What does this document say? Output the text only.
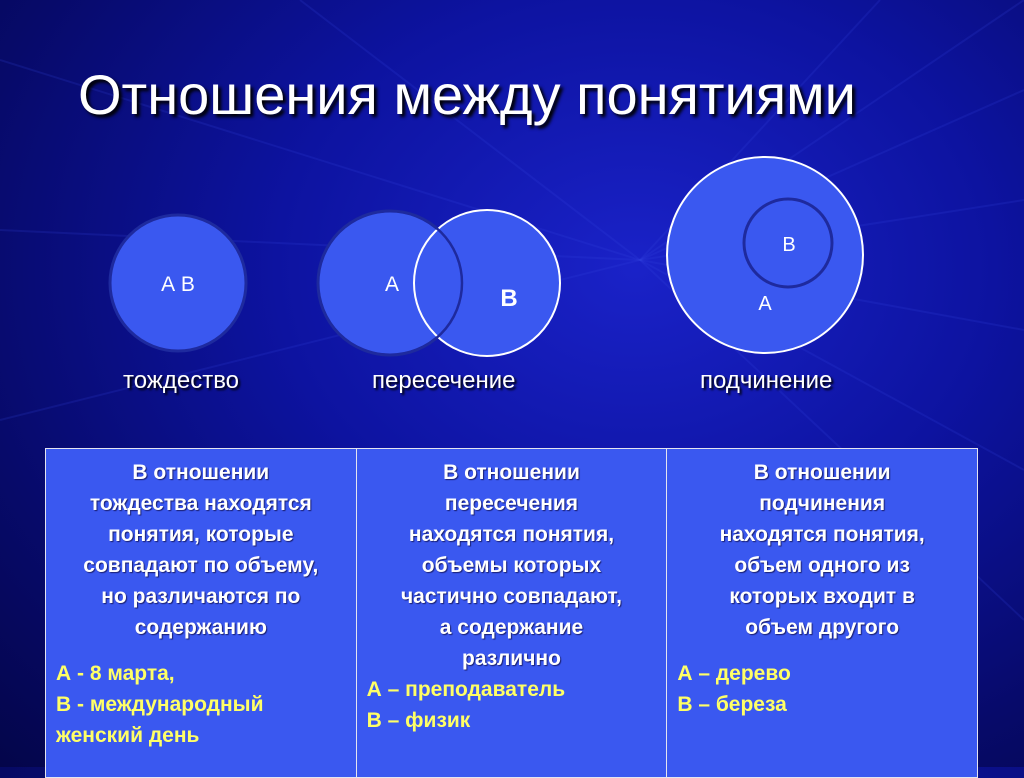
Отношения между понятиями
А В	А
В
В
А
тождество	пересечение	подчинение
В отношении
тождества находятся
понятия, которые
совпадают по объему,
но различаются по
содержанию
А - 8 марта,
В - международный женский день

В отношении
пересечения
находятся понятия,
объемы которых
частично совпадают,
а содержание
различно
А – преподаватель
В – физик

В отношении
подчинения
находятся понятия,
объем одного из
которых входит в
объем другого
А – дерево
В – береза
